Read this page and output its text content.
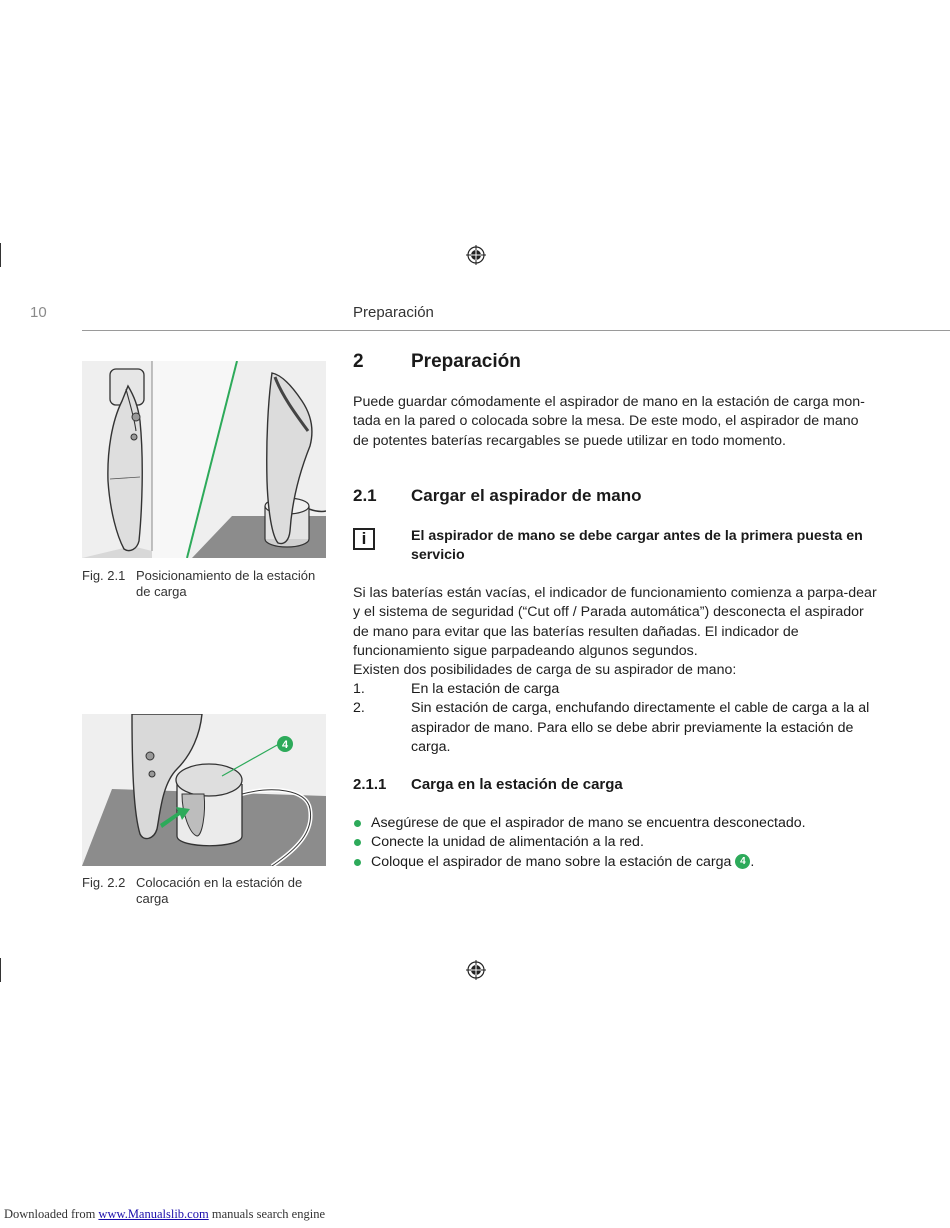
10	Preparación
Fig. 2.1 Posicionamiento de la estación de carga
4
Fig. 2.2 Colocación en la estación de carga
2	Preparación
Puede guardar cómodamente el aspirador de mano en la estación de carga mon-tada en la pared o colocada sobre la mesa. De este modo, el aspirador de mano de potentes baterías recargables se puede utilizar en todo momento.
2.1	Cargar el aspirador de mano
i	El aspirador de mano se debe cargar antes de la primera puesta en servicio
Si las baterías están vacías, el indicador de funcionamiento comienza a parpa-dear y el sistema de seguridad (“Cut off / Parada automática”) desconecta el aspirador de mano para evitar que las baterías resulten dañadas. El indicador de funcionamiento sigue parpadeando algunos segundos.
Existen dos posibilidades de carga de su aspirador de mano:
1.	En la estación de carga
2.	Sin estación de carga, enchufando directamente el cable de carga a la al aspirador de mano. Para ello se debe abrir previamente la estación de carga.
2.1.1	Carga en la estación de carga
Asegúrese de que el aspirador de mano se encuentra desconectado.
Conecte la unidad de alimentación a la red.
Coloque el aspirador de mano sobre la estación de carga 4 .
Downloaded from www.Manualslib.com manuals search engine
